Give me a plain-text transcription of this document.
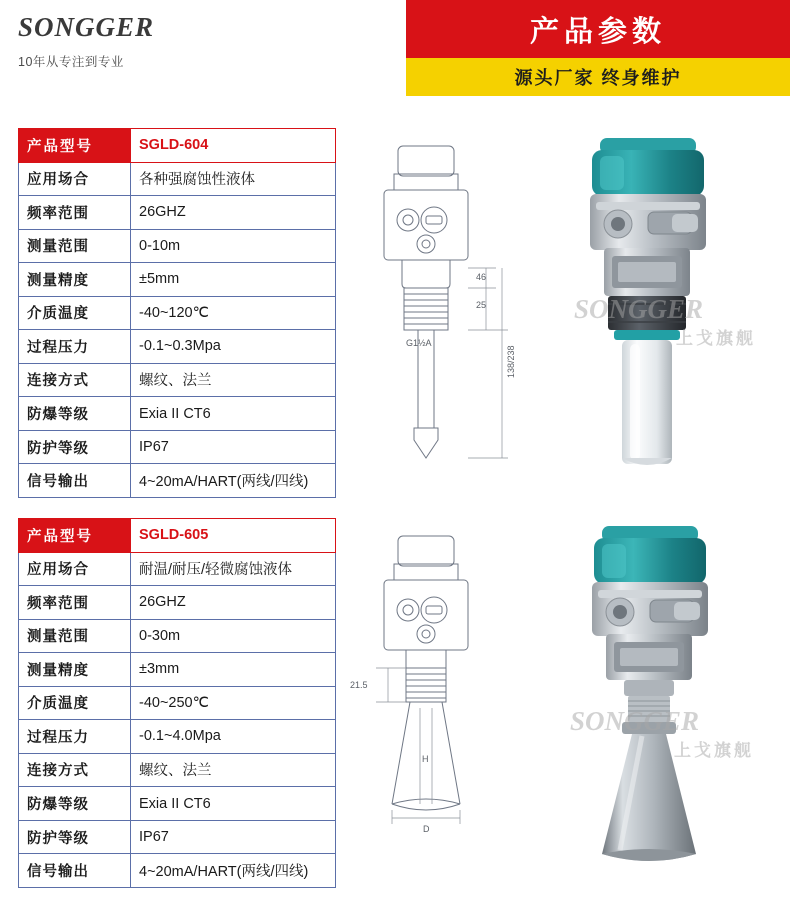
SONGGER
10年从专注到专业
产品参数
源头厂家 终身维护
产品型号	SGLD-604
应用场合	各种强腐蚀性液体
频率范围	26GHZ
测量范围	0-10m
测量精度	±5mm
介质温度	-40~120℃
过程压力	-0.1~0.3Mpa
连接方式	螺纹、法兰
防爆等级	Exia II CT6
防护等级	IP67
信号输出	4~20mA/HART(两线/四线)
46
25
138/238
G1½A
SONGGER
上戈旗舰
产品型号	SGLD-605
应用场合	耐温/耐压/轻微腐蚀液体
频率范围	26GHZ
测量范围	0-30m
测量精度	±3mm
介质温度	-40~250℃
过程压力	-0.1~4.0Mpa
连接方式	螺纹、法兰
防爆等级	Exia II CT6
防护等级	IP67
信号输出	4~20mA/HART(两线/四线)
21.5
H
D
SONGGER
上戈旗舰
